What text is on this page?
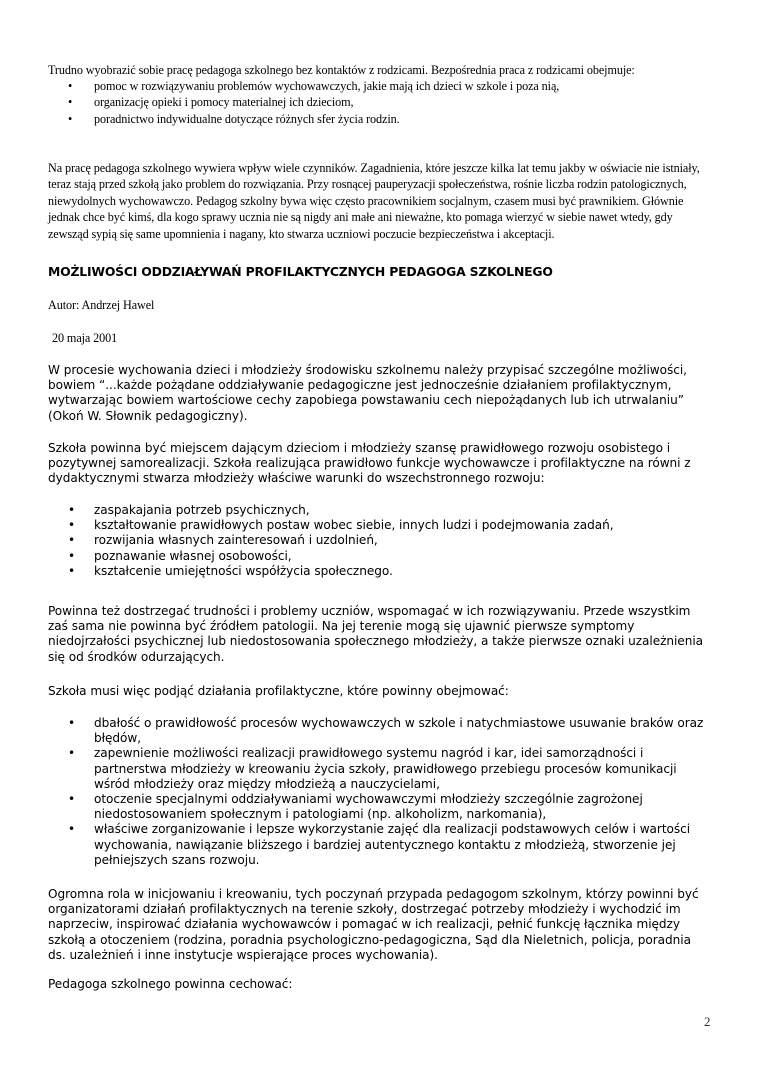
Trudno wyobrazić sobie pracę pedagoga szkolnego bez kontaktów z rodzicami. Bezpośrednia praca z rodzicami obejmuje:

• pomoc w rozwiązywaniu problemów wychowawczych, jakie mają ich dzieci w szkole i poza nią,
• organizację opieki i pomocy materialnej ich dzieciom,
• poradnictwo indywidualne dotyczące różnych sfer życia rodzin.

Na pracę pedagoga szkolnego wywiera wpływ wiele czynników. Zagadnienia, które jeszcze kilka lat temu jakby w oświacie nie istniały, teraz stają przed szkołą jako problem do rozwiązania. Przy rosnącej pauperyzacji społeczeństwa, rośnie liczba rodzin patologicznych, niewydolnych wychowawczo. Pedagog szkolny bywa więc często pracownikiem socjalnym, czasem musi być prawnikiem. Głównie jednak chce być kimś, dla kogo sprawy ucznia nie są nigdy ani małe ani nieważne, kto pomaga wierzyć w siebie nawet wtedy, gdy zewsząd sypią się same upomnienia i nagany, kto stwarza uczniowi poczucie bezpieczeństwa i akceptacji.

MOŻLIWOŚCI ODDZIAŁYWAŃ PROFILAKTYCZNYCH PEDAGOGA SZKOLNEGO

Autor: Andrzej Hawel

20 maja 2001

W procesie wychowania dzieci i młodzieży środowisku szkolnemu należy przypisać szczególne możliwości, bowiem “...każde pożądane oddziaływanie pedagogiczne jest jednocześnie działaniem profilaktycznym, wytwarzając bowiem wartościowe cechy zapobiega powstawaniu cech niepożądanych lub ich utrwalaniu” (Okoń W. Słownik pedagogiczny).

Szkoła powinna być miejscem dającym dzieciom i młodzieży szansę prawidłowego rozwoju osobistego i pozytywnej samorealizacji. Szkoła realizująca prawidłowo funkcje wychowawcze i profilaktyczne na równi z dydaktycznymi stwarza młodzieży właściwe warunki do wszechstronnego rozwoju:

• zaspakajania potrzeb psychicznych,
• kształtowanie prawidłowych postaw wobec siebie, innych ludzi i podejmowania zadań,
• rozwijania własnych zainteresowań i uzdolnień,
• poznawanie własnej osobowości,
• kształcenie umiejętności współżycia społecznego.

Powinna też dostrzegać trudności i problemy uczniów, wspomagać w ich rozwiązywaniu. Przede wszystkim zaś sama nie powinna być źródłem patologii. Na jej terenie mogą się ujawnić pierwsze symptomy niedojrzałości psychicznej lub niedostosowania społecznego młodzieży, a także pierwsze oznaki uzależnienia się od środków odurzających.

Szkoła musi więc podjąć działania profilaktyczne, które powinny obejmować:

• dbałość o prawidłowość procesów wychowawczych w szkole i natychmiastowe usuwanie braków oraz błędów,
• zapewnienie możliwości realizacji prawidłowego systemu nagród i kar, idei samorządności i partnerstwa młodzieży w kreowaniu życia szkoły, prawidłowego przebiegu procesów komunikacji wśród młodzieży oraz między młodzieżą a nauczycielami,
• otoczenie specjalnymi oddziaływaniami wychowawczymi młodzieży szczególnie zagrożonej niedostosowaniem społecznym i patologiami (np. alkoholizm, narkomania),
• właściwe zorganizowanie i lepsze wykorzystanie zajęć dla realizacji podstawowych celów i wartości wychowania, nawiązanie bliższego i bardziej autentycznego kontaktu z młodzieżą, stworzenie jej pełniejszych szans rozwoju.

Ogromna rola w inicjowaniu i kreowaniu, tych poczynań przypada pedagogom szkolnym, którzy powinni być organizatorami działań profilaktycznych na terenie szkoły, dostrzegać potrzeby młodzieży i wychodzić im naprzeciw, inspirować działania wychowawców i pomagać w ich realizacji, pełnić funkcję łącznika między szkołą a otoczeniem (rodzina, poradnia psychologiczno-pedagogiczna, Sąd dla Nieletnich, policja, poradnia ds. uzależnień i inne instytucje wspierające proces wychowania).

Pedagoga szkolnego powinna cechować:

2
